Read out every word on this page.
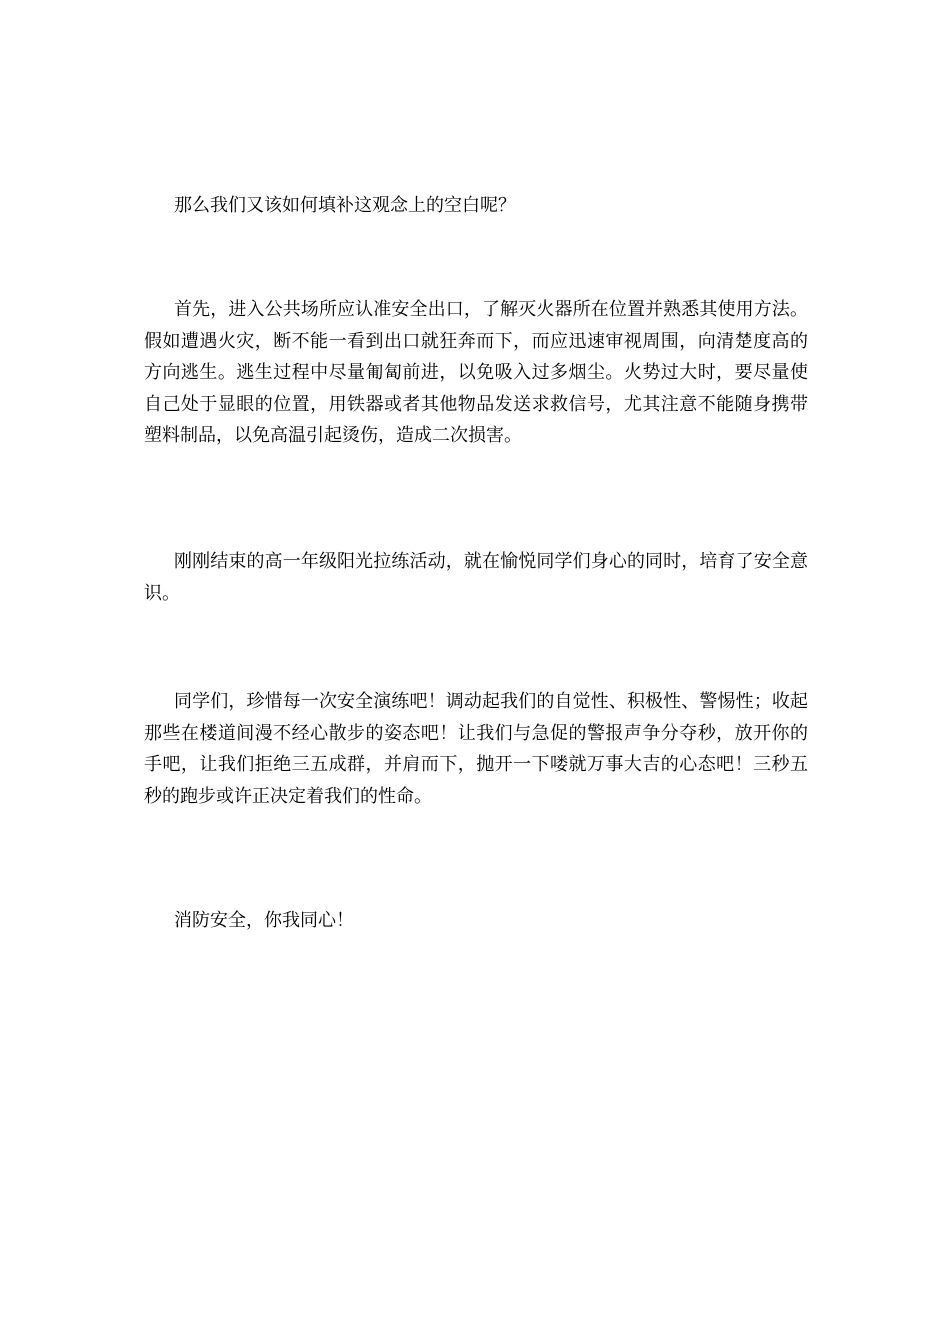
那么我们又该如何填补这观念上的空白呢？

首先，进入公共场所应认准安全出口，了解灭火器所在位置并熟悉其使用方法。假如遭遇火灾，断不能一看到出口就狂奔而下，而应迅速审视周围，向清楚度高的方向逃生。逃生过程中尽量匍匐前进，以免吸入过多烟尘。火势过大时，要尽量使自己处于显眼的位置，用铁器或者其他物品发送求救信号，尤其注意不能随身携带塑料制品，以免高温引起烫伤，造成二次损害。

刚刚结束的高一年级阳光拉练活动，就在愉悦同学们身心的同时，培育了安全意识。

同学们，珍惜每一次安全演练吧！调动起我们的自觉性、积极性、警惕性；收起那些在楼道间漫不经心散步的姿态吧！让我们与急促的警报声争分夺秒，放开你的手吧，让我们拒绝三五成群，并肩而下，抛开一下喽就万事大吉的心态吧！三秒五秒的跑步或许正决定着我们的性命。

消防安全，你我同心！
